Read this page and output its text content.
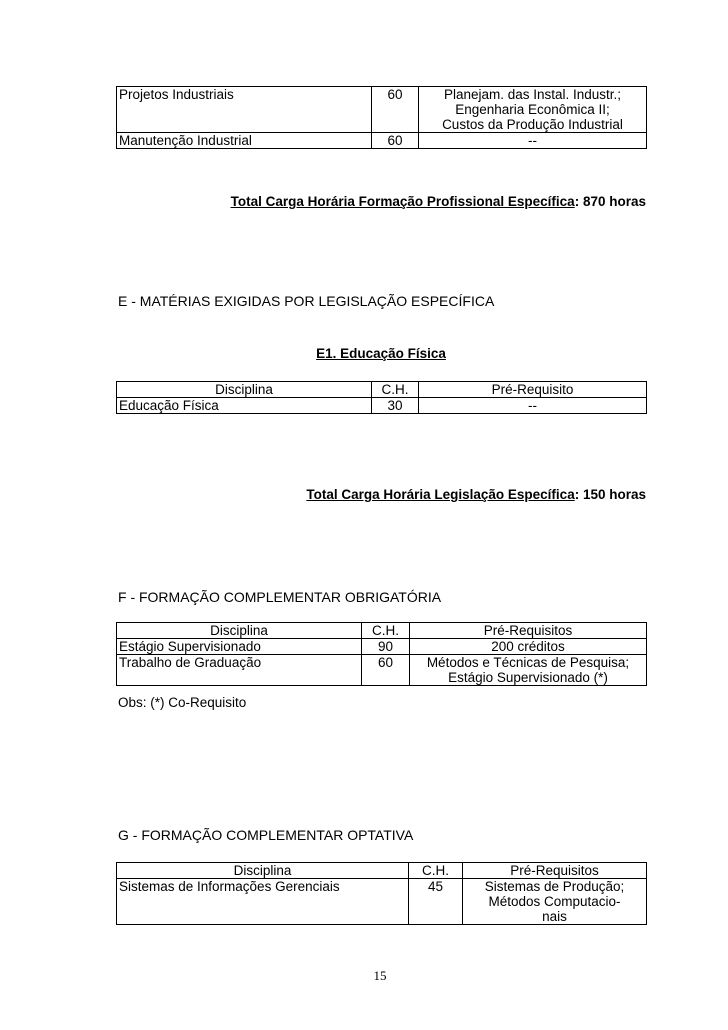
Projetos Industriais	60	Planejam. das Instal. Industr.;
Engenharia Econômica II;
Custos da Produção Industrial

Manutenção Industrial	60	--
Total Carga Horária Formação Profissional Específica: 870 horas
E - MATÉRIAS EXIGIDAS POR LEGISLAÇÃO ESPECÍFICA
E1. Educação Física
Disciplina	C.H.	Pré-Requisito
Educação Física	30	--
Total Carga Horária Legislação Específica: 150 horas
F - FORMAÇÃO COMPLEMENTAR OBRIGATÓRIA
Disciplina	C.H.	Pré-Requisitos
Estágio Supervisionado	90	200 créditos
Trabalho de Graduação	60	Métodos e Técnicas de Pesquisa;
Estágio Supervisionado (*)
Obs: (*) Co-Requisito
G - FORMAÇÃO COMPLEMENTAR OPTATIVA
Disciplina	C.H.	Pré-Requisitos
Sistemas de Informações Gerenciais	45	Sistemas de Produção;
Métodos Computacio-
nais
15
